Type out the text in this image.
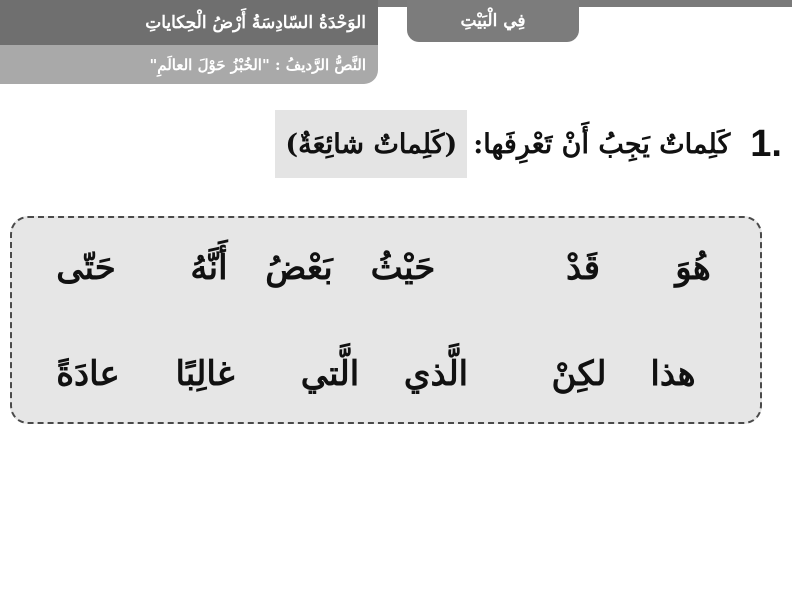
الوَحْدَةُ السّادِسَةُ أَرْضُ الْحِكاياتِ
النَّصُّ الرَّديفُ : "الخُبْزُ حَوْلَ العالَمِ"
فِي الْبَيْتِ
1.
كَلِماتٌ يَجِبُ أَنْ تَعْرِفَها:
(كَلِماتٌ شائِعَةٌ)
هُوَ
قَدْ
حَيْثُ
بَعْضُ
أَنَّهُ
حَتّى
هذا
لكِنْ
الَّذي
الَّتي
غالِبًا
عادَةً
